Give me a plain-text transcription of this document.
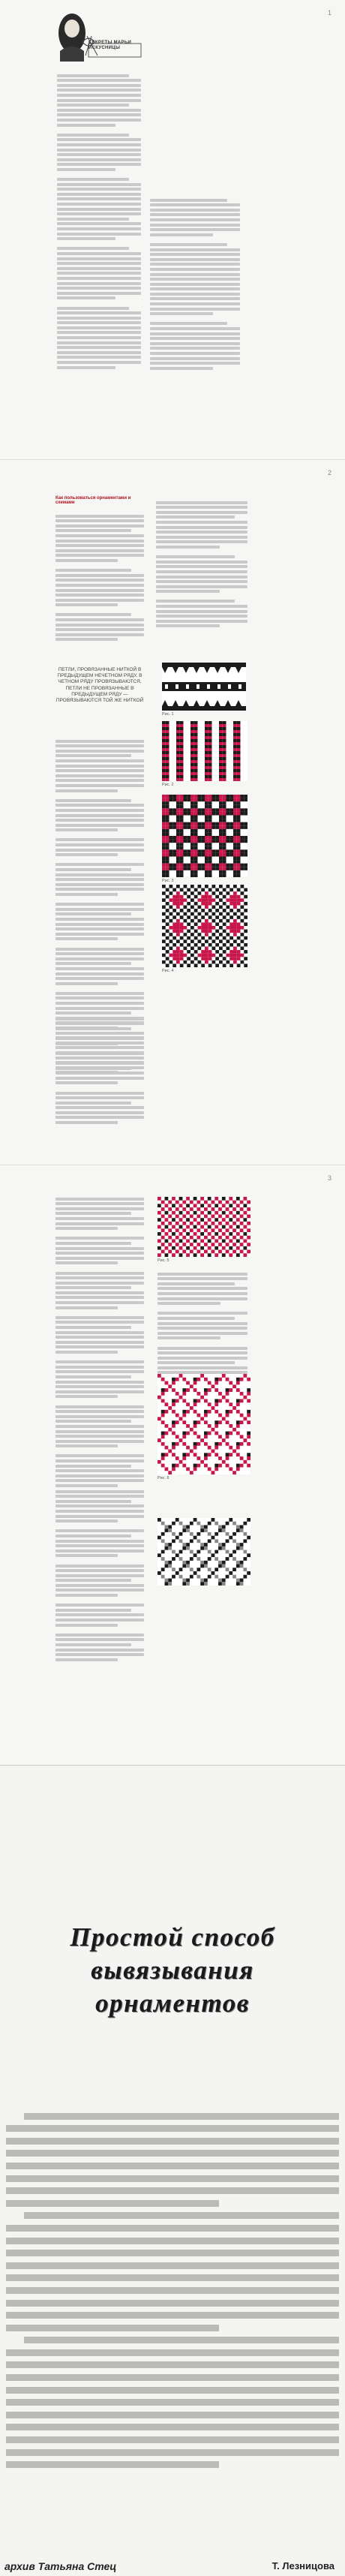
1
СЕКРЕТЫ МАРЬИ ИСКУСНИЦЫ
2
Как пользоваться орнаментами и схемами
ПЕТЛИ, ПРОВЯЗАННЫЕ НИТКОЙ В ПРЕДЫДУЩЕМ НЕЧЕТНОМ РЯДУ, В ЧЕТНОМ РЯДУ ПРОВЯЗЫВАЮТСЯ, ПЕТЛИ НЕ ПРОВЯЗАННЫЕ В ПРЕДЫДУЩЕМ РЯДУ — ПРОВЯЗЫВАЮТСЯ ТОЙ ЖЕ НИТКОЙ
Рис. 1
Рис. 2
Рис. 3
Рис. 4
3
Рис. 5
Рис. 6
Простой способ
вывязывания
орнаментов
архив Татьяна Стец	Т. Лезницова
